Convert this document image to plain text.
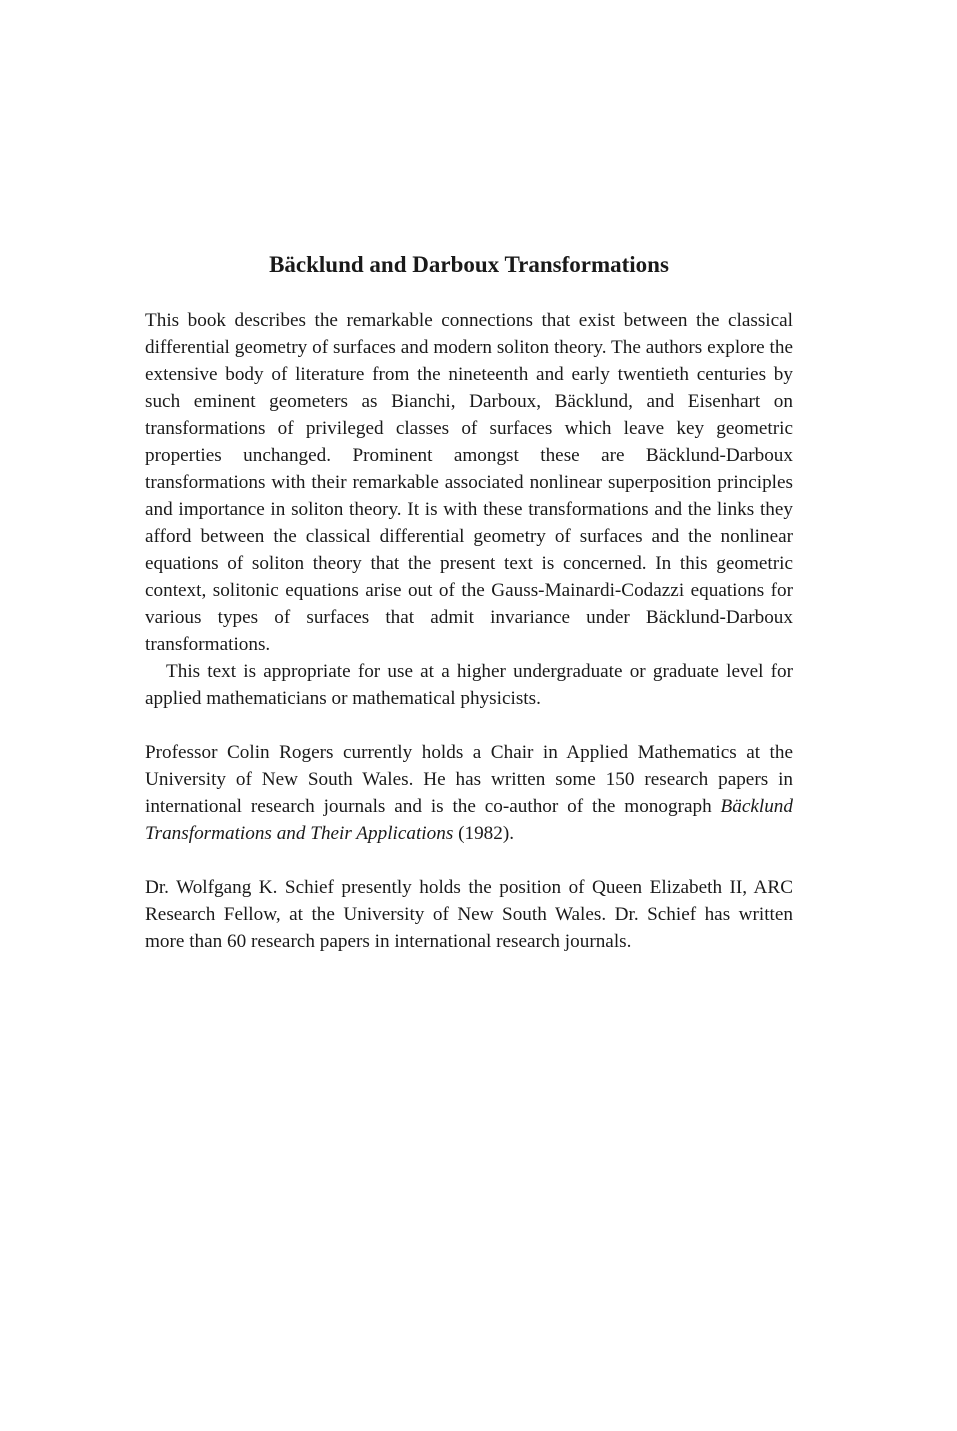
Bäcklund and Darboux Transformations

This book describes the remarkable connections that exist between the classical differential geometry of surfaces and modern soliton theory. The authors explore the extensive body of literature from the nineteenth and early twentieth centuries by such eminent geometers as Bianchi, Darboux, Bäcklund, and Eisenhart on transformations of privileged classes of surfaces which leave key geometric properties unchanged. Prominent amongst these are Bäcklund-Darboux transformations with their remarkable associated nonlinear superposition principles and importance in soliton theory. It is with these transformations and the links they afford between the classical differential geometry of surfaces and the nonlinear equations of soliton theory that the present text is concerned. In this geometric context, solitonic equations arise out of the Gauss-Mainardi-Codazzi equations for various types of surfaces that admit invariance under Bäcklund-Darboux transformations.

This text is appropriate for use at a higher undergraduate or graduate level for applied mathematicians or mathematical physicists.

Professor Colin Rogers currently holds a Chair in Applied Mathematics at the University of New South Wales. He has written some 150 research papers in international research journals and is the co-author of the monograph Bäcklund Transformations and Their Applications (1982).

Dr. Wolfgang K. Schief presently holds the position of Queen Elizabeth II, ARC Research Fellow, at the University of New South Wales. Dr. Schief has written more than 60 research papers in international research journals.
